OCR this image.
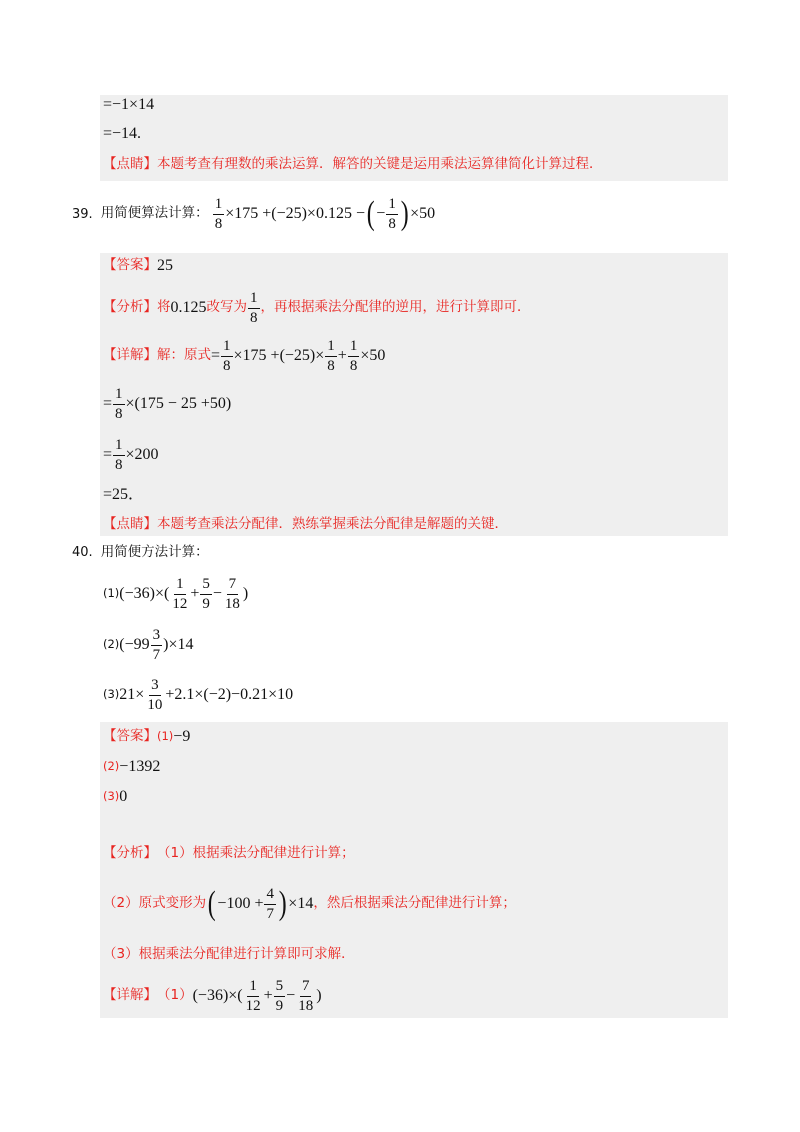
=−1×14
=−14.
【点睛】 本题考查有理数的乘法运算．解答的关键是运用乘法运算律简化计算过程．
39. 用简便算法计算： $\frac{1}{8} \times 175 +(-25)\times 0.125$ − ( − $\frac{1}{8}$ ) ×50
【答案】 25
【分析】 将 0.125 改写为 $\frac{1}{8}$ ，再根据乘法分配律的逆用，进行计算即可．
【详解】 解：原式 = $\frac{1}{8} \times 175 +(-25)\times \frac{1}{8} + \frac{1}{8} \times 50$
= $\frac{1}{8} \times(175 - 25 +50)$
= $\frac{1}{8} \times 200$
=25．
【点睛】 本题考查乘法分配律．熟练掌握乘法分配律是解题的关键．
40. 用简便方法计算：
(1) $(-36)\times( \frac{1}{12} + \frac{5}{9} - \frac{7}{18}$ )
(2) $(-99 \frac{3}{7} )\times 14$
(3) $21\times \frac{3}{10} +2.1\times(-2)-0.21\times 10$
【答案】 (1) −9
(2) −1392
(3) 0
【分析】 （1）根据乘法分配律进行计算；
（2）原式变形为 ( $-100 + \frac{4}{7}$ ) ×14 ，然后根据乘法分配律进行计算；
（3）根据乘法分配律进行计算即可求解．
【详解】 （1） $(-36)\times( \frac{1}{12} + \frac{5}{9} - \frac{7}{18}$ )
